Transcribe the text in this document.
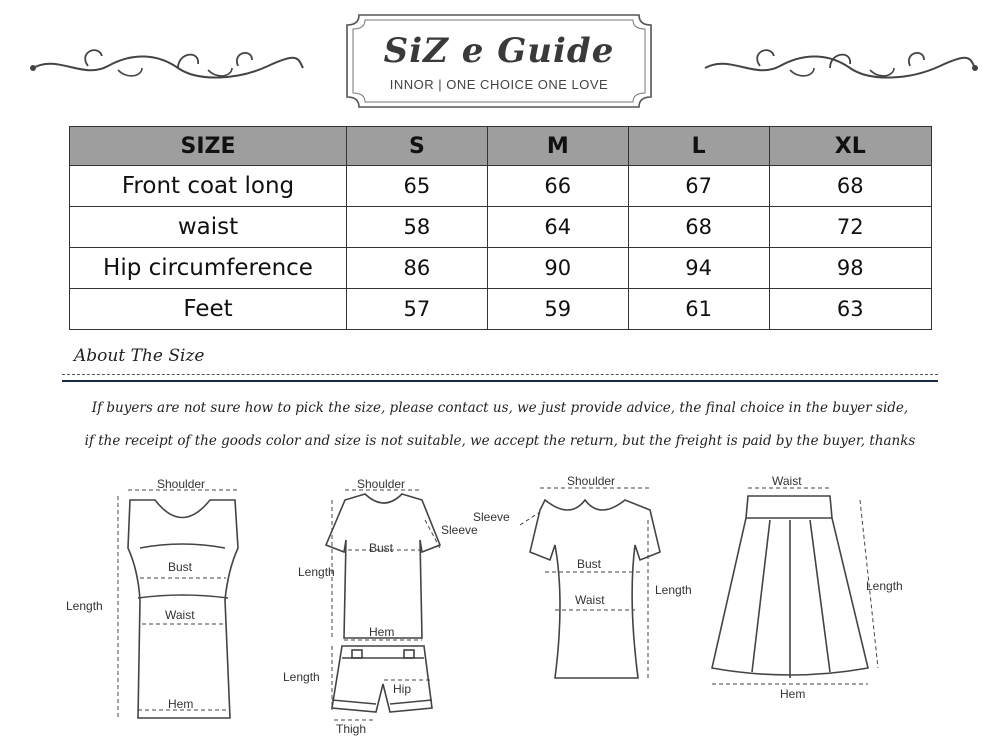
SiZ e Guide
INNOR | ONE CHOICE ONE LOVE
SIZE	S	M	L	XL
Front coat long	65	66	67	68
waist	58	64	68	72
Hip circumference	86	90	94	98
Feet	57	59	61	63
About The Size
If buyers are not sure how to pick the size, please contact us, we just provide advice, the final choice in the buyer side,
if the receipt of the goods color and size is not suitable, we accept the return, but the freight is paid by the buyer, thanks
Shoulder
Bust
Waist
Length
Hem
Shoulder
Sleeve
Bust
Length
Hem
Length
Hip
Thigh
Shoulder
Sleeve
Bust
Waist
Length
Waist
Length
Hem
